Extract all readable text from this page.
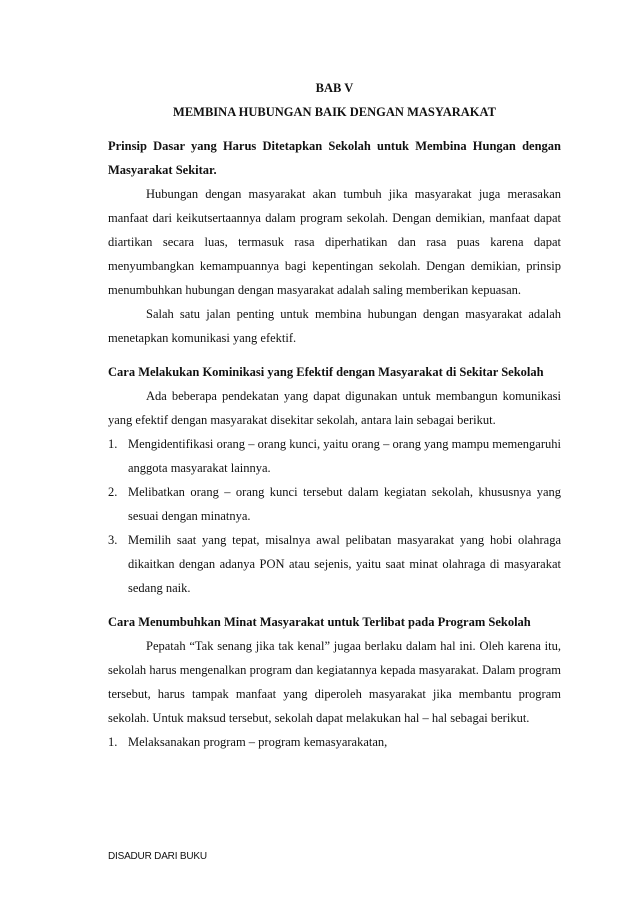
BAB V

MEMBINA HUBUNGAN BAIK DENGAN MASYARAKAT

Prinsip Dasar yang Harus Ditetapkan Sekolah untuk Membina Hungan dengan Masyarakat Sekitar.

Hubungan dengan masyarakat akan tumbuh jika masyarakat juga merasakan manfaat dari keikutsertaannya dalam program sekolah. Dengan demikian, manfaat dapat diartikan secara luas, termasuk rasa diperhatikan dan rasa puas karena dapat menyumbangkan kemampuannya bagi kepentingan sekolah. Dengan demikian, prinsip menumbuhkan hubungan dengan masyarakat adalah saling memberikan kepuasan.

Salah satu jalan penting untuk membina hubungan dengan masyarakat adalah menetapkan komunikasi yang efektif.

Cara Melakukan Kominikasi yang Efektif dengan Masyarakat di Sekitar Sekolah

Ada beberapa pendekatan yang dapat digunakan untuk membangun komunikasi yang efektif dengan masyarakat disekitar sekolah, antara lain sebagai berikut.

1. Mengidentifikasi orang – orang kunci, yaitu orang – orang yang mampu memengaruhi anggota masyarakat lainnya.
2. Melibatkan orang – orang kunci tersebut dalam kegiatan sekolah, khususnya yang sesuai dengan minatnya.
3. Memilih saat yang tepat, misalnya awal pelibatan masyarakat yang hobi olahraga dikaitkan dengan adanya PON atau sejenis, yaitu saat minat olahraga di masyarakat sedang naik.

Cara Menumbuhkan Minat Masyarakat untuk Terlibat pada Program Sekolah

Pepatah “Tak senang jika tak kenal” jugaa berlaku dalam hal ini. Oleh karena itu, sekolah harus mengenalkan program dan kegiatannya kepada masyarakat. Dalam program tersebut, harus tampak manfaat yang diperoleh masyarakat jika membantu program sekolah. Untuk maksud tersebut, sekolah dapat melakukan hal – hal sebagai berikut.

1. Melaksanakan program – program kemasyarakatan,
DISADUR DARI BUKU
